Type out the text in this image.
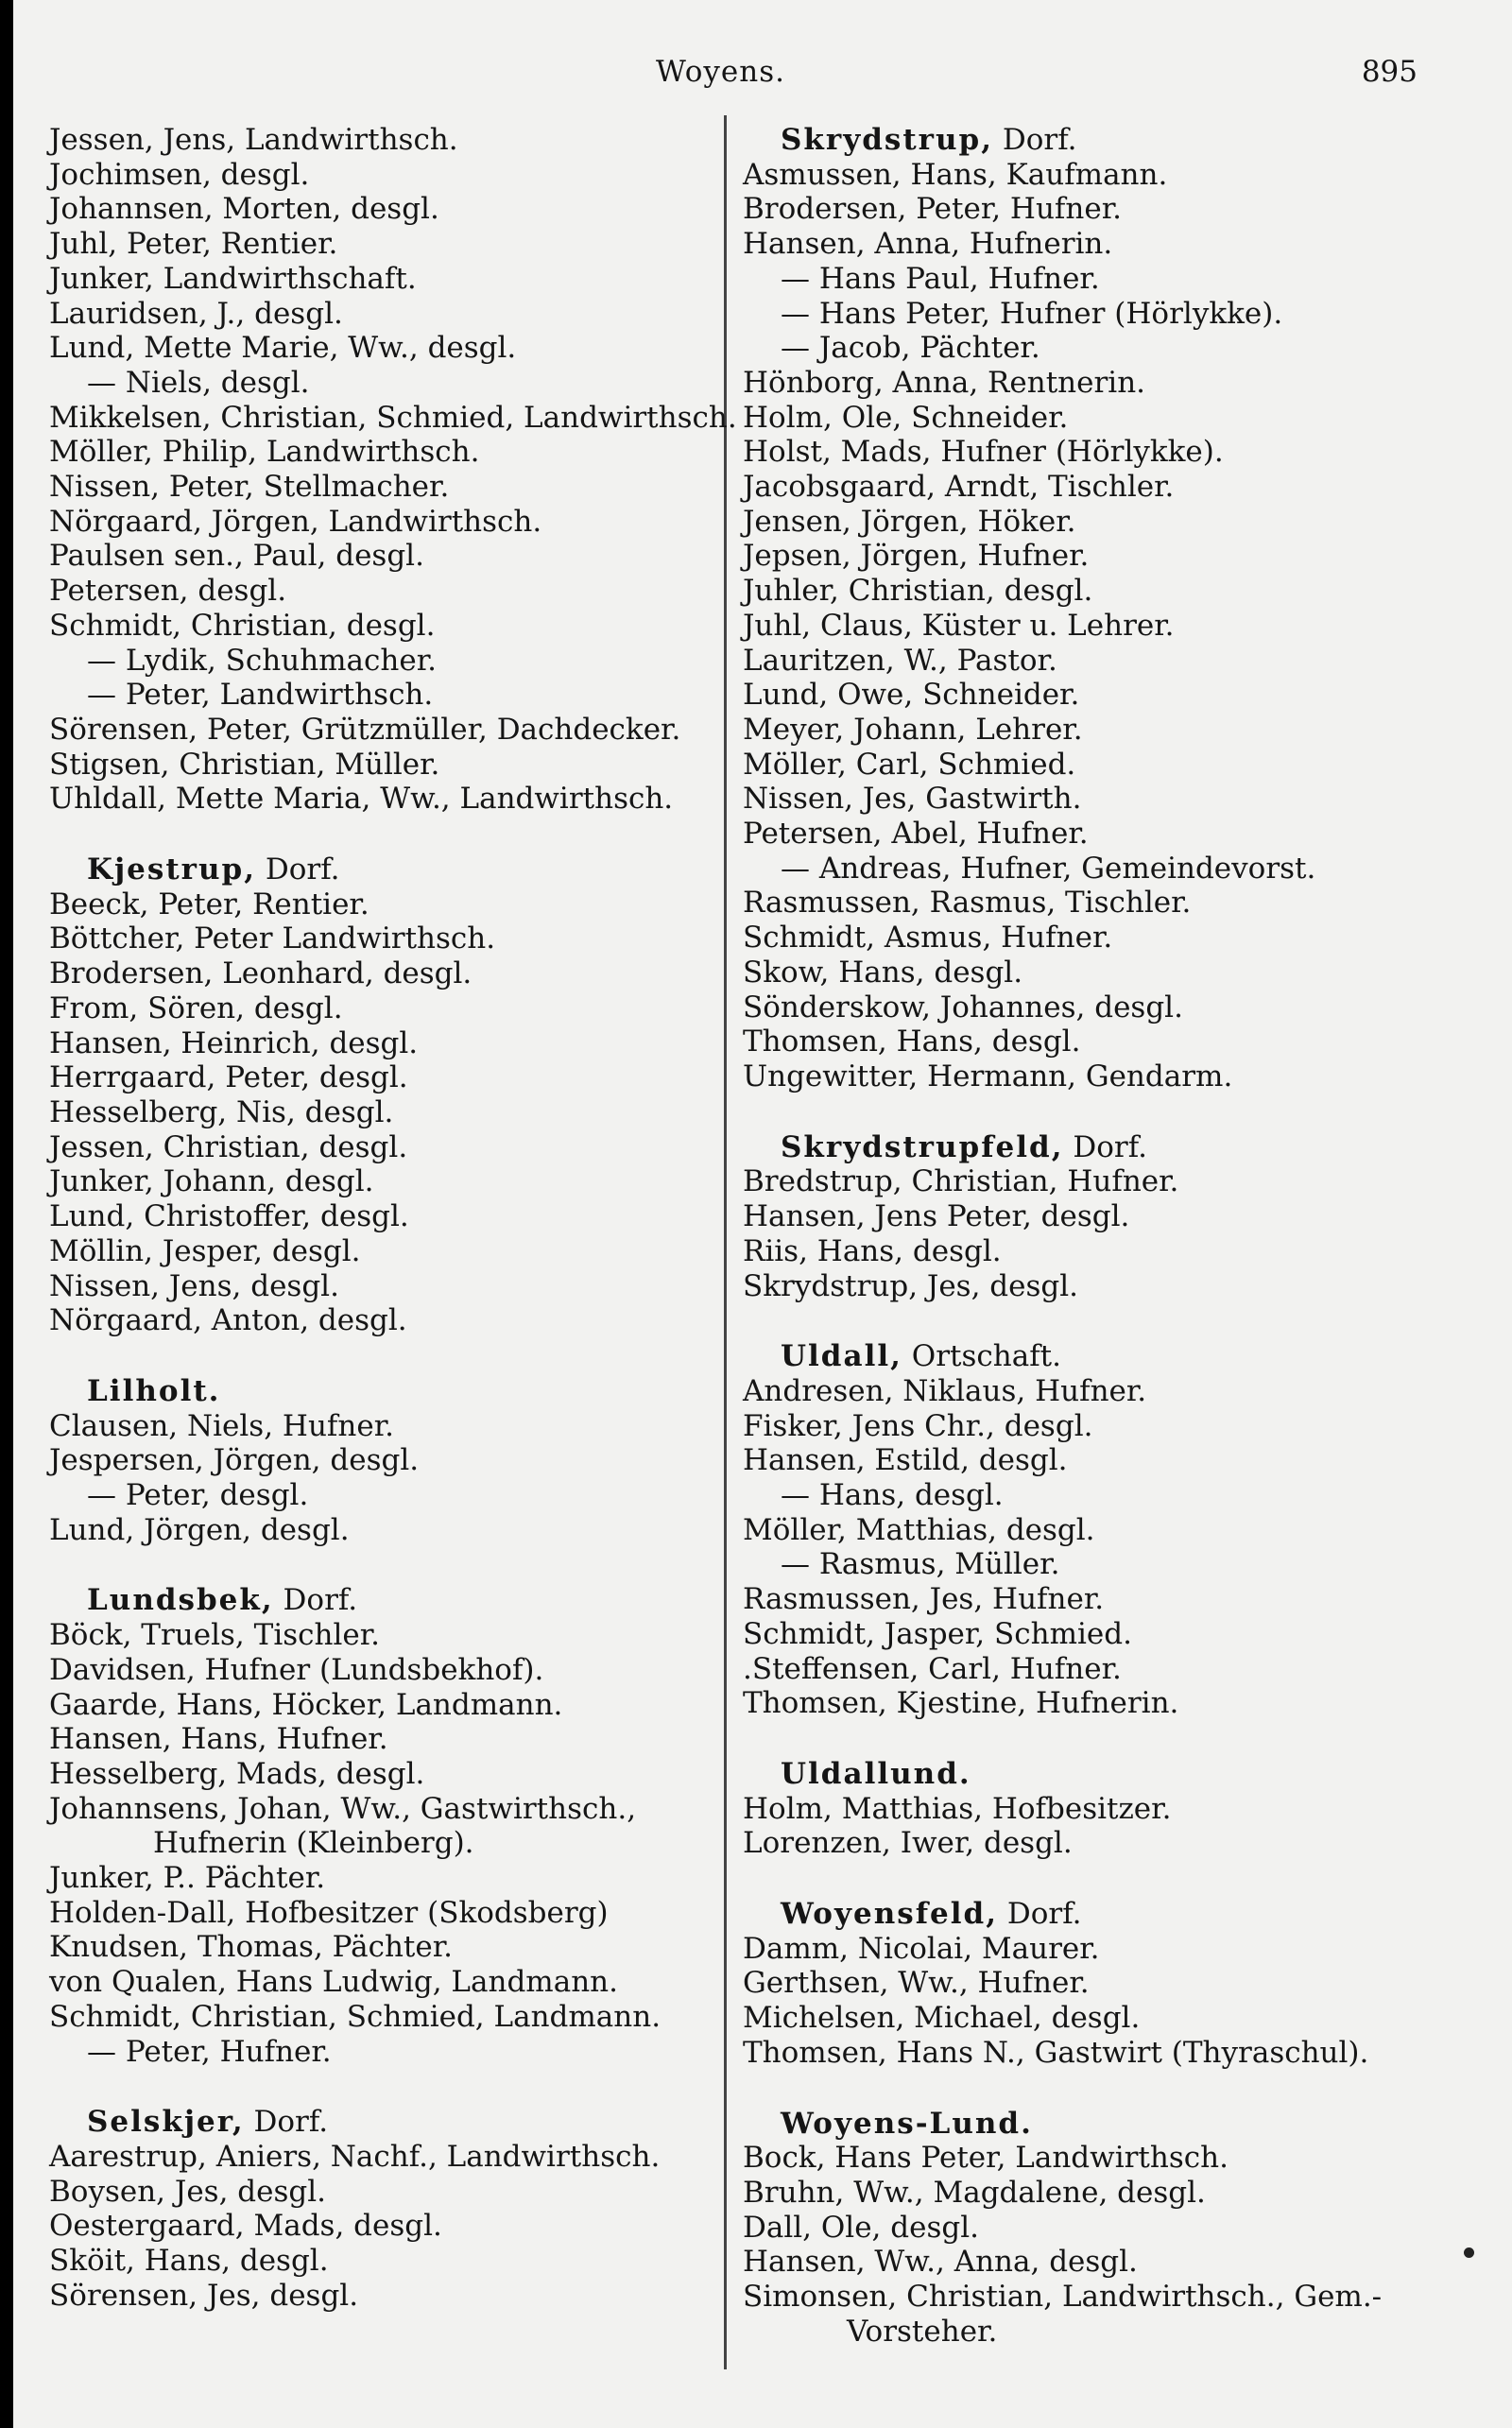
Woyens.	895
Jessen, Jens, Landwirthsch.
Jochimsen, desgl.
Johannsen, Morten, desgl.
Juhl, Peter, Rentier.
Junker, Landwirthschaft.
Lauridsen, J., desgl.
Lund, Mette Marie, Ww., desgl.
— Niels, desgl.
Mikkelsen, Christian, Schmied, Landwirthsch.
Möller, Philip, Landwirthsch.
Nissen, Peter, Stellmacher.
Nörgaard, Jörgen, Landwirthsch.
Paulsen sen., Paul, desgl.
Petersen, desgl.
Schmidt, Christian, desgl.
— Lydik, Schuhmacher.
— Peter, Landwirthsch.
Sörensen, Peter, Grützmüller, Dachdecker.
Stigsen, Christian, Müller.
Uhldall, Mette Maria, Ww., Landwirthsch.
Kjestrup, Dorf.
Beeck, Peter, Rentier.
Böttcher, Peter Landwirthsch.
Brodersen, Leonhard, desgl.
From, Sören, desgl.
Hansen, Heinrich, desgl.
Herrgaard, Peter, desgl.
Hesselberg, Nis, desgl.
Jessen, Christian, desgl.
Junker, Johann, desgl.
Lund, Christoffer, desgl.
Möllin, Jesper, desgl.
Nissen, Jens, desgl.
Nörgaard, Anton, desgl.
Lilholt.
Clausen, Niels, Hufner.
Jespersen, Jörgen, desgl.
— Peter, desgl.
Lund, Jörgen, desgl.
Lundsbek, Dorf.
Böck, Truels, Tischler.
Davidsen, Hufner (Lundsbekhof).
Gaarde, Hans, Höcker, Landmann.
Hansen, Hans, Hufner.
Hesselberg, Mads, desgl.
Johannsens, Johan, Ww., Gastwirthsch.,
Hufnerin (Kleinberg).
Junker, P.. Pächter.
Holden-Dall, Hofbesitzer (Skodsberg)
Knudsen, Thomas, Pächter.
von Qualen, Hans Ludwig, Landmann.
Schmidt, Christian, Schmied, Landmann.
— Peter, Hufner.
Selskjer, Dorf.
Aarestrup, Aniers, Nachf., Landwirthsch.
Boysen, Jes, desgl.
Oestergaard, Mads, desgl.
Sköit, Hans, desgl.
Sörensen, Jes, desgl.
Skrydstrup, Dorf.
Asmussen, Hans, Kaufmann.
Brodersen, Peter, Hufner.
Hansen, Anna, Hufnerin.
— Hans Paul, Hufner.
— Hans Peter, Hufner (Hörlykke).
— Jacob, Pächter.
Hönborg, Anna, Rentnerin.
Holm, Ole, Schneider.
Holst, Mads, Hufner (Hörlykke).
Jacobsgaard, Arndt, Tischler.
Jensen, Jörgen, Höker.
Jepsen, Jörgen, Hufner.
Juhler, Christian, desgl.
Juhl, Claus, Küster u. Lehrer.
Lauritzen, W., Pastor.
Lund, Owe, Schneider.
Meyer, Johann, Lehrer.
Möller, Carl, Schmied.
Nissen, Jes, Gastwirth.
Petersen, Abel, Hufner.
— Andreas, Hufner, Gemeindevorst.
Rasmussen, Rasmus, Tischler.
Schmidt, Asmus, Hufner.
Skow, Hans, desgl.
Sönderskow, Johannes, desgl.
Thomsen, Hans, desgl.
Ungewitter, Hermann, Gendarm.
Skrydstrupfeld, Dorf.
Bredstrup, Christian, Hufner.
Hansen, Jens Peter, desgl.
Riis, Hans, desgl.
Skrydstrup, Jes, desgl.
Uldall, Ortschaft.
Andresen, Niklaus, Hufner.
Fisker, Jens Chr., desgl.
Hansen, Estild, desgl.
— Hans, desgl.
Möller, Matthias, desgl.
— Rasmus, Müller.
Rasmussen, Jes, Hufner.
Schmidt, Jasper, Schmied.
.Steffensen, Carl, Hufner.
Thomsen, Kjestine, Hufnerin.
Uldallund.
Holm, Matthias, Hofbesitzer.
Lorenzen, Iwer, desgl.
Woyensfeld, Dorf.
Damm, Nicolai, Maurer.
Gerthsen, Ww., Hufner.
Michelsen, Michael, desgl.
Thomsen, Hans N., Gastwirt (Thyraschul).
Woyens-Lund.
Bock, Hans Peter, Landwirthsch.
Bruhn, Ww., Magdalene, desgl.
Dall, Ole, desgl.
Hansen, Ww., Anna, desgl.
Simonsen, Christian, Landwirthsch., Gem.-
Vorsteher.
